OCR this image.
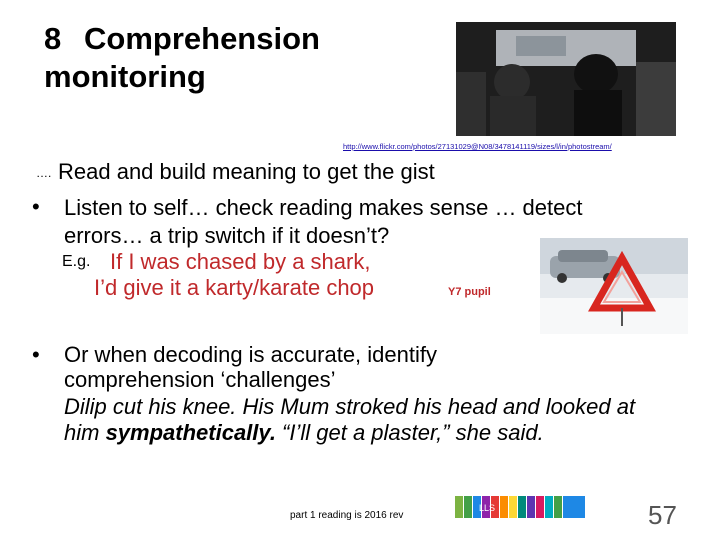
8 Comprehension
monitoring
http://www.flickr.com/photos/27131029@N08/3478141119/sizes/l/in/photostream/
…. Read and build meaning to get the gist
• Listen to self… check reading makes sense … detect
errors… a trip switch if it doesn’t?
E.g. If I was chased by a shark,
I’d give it a karty/karate chop	Y7 pupil
• Or when decoding is accurate, identify
comprehension ‘challenges’
Dilip cut his knee. His Mum stroked his head and looked at him sympathetically. “I’ll get a plaster,” she said.
part 1 reading is 2016 rev
LLS	57
